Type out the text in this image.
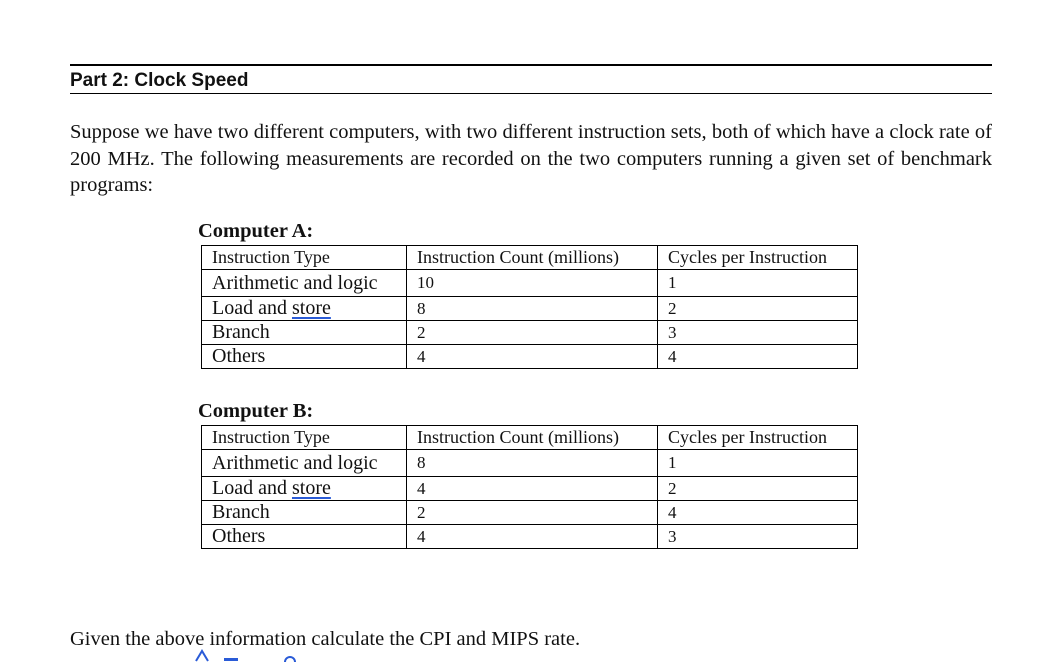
Part 2: Clock Speed
Suppose we have two different computers, with two different instruction sets, both of which have a clock rate of 200 MHz. The following measurements are recorded on the two computers running a given set of benchmark programs:
Computer A:
Instruction Type	Instruction Count (millions)	Cycles per Instruction
Arithmetic and logic	10	1
Load and store	8	2
Branch	2	3
Others	4	4
Computer B:
Instruction Type	Instruction Count (millions)	Cycles per Instruction
Arithmetic and logic	8	1
Load and store	4	2
Branch	2	4
Others	4	3
Given the above information calculate the CPI and MIPS rate.
